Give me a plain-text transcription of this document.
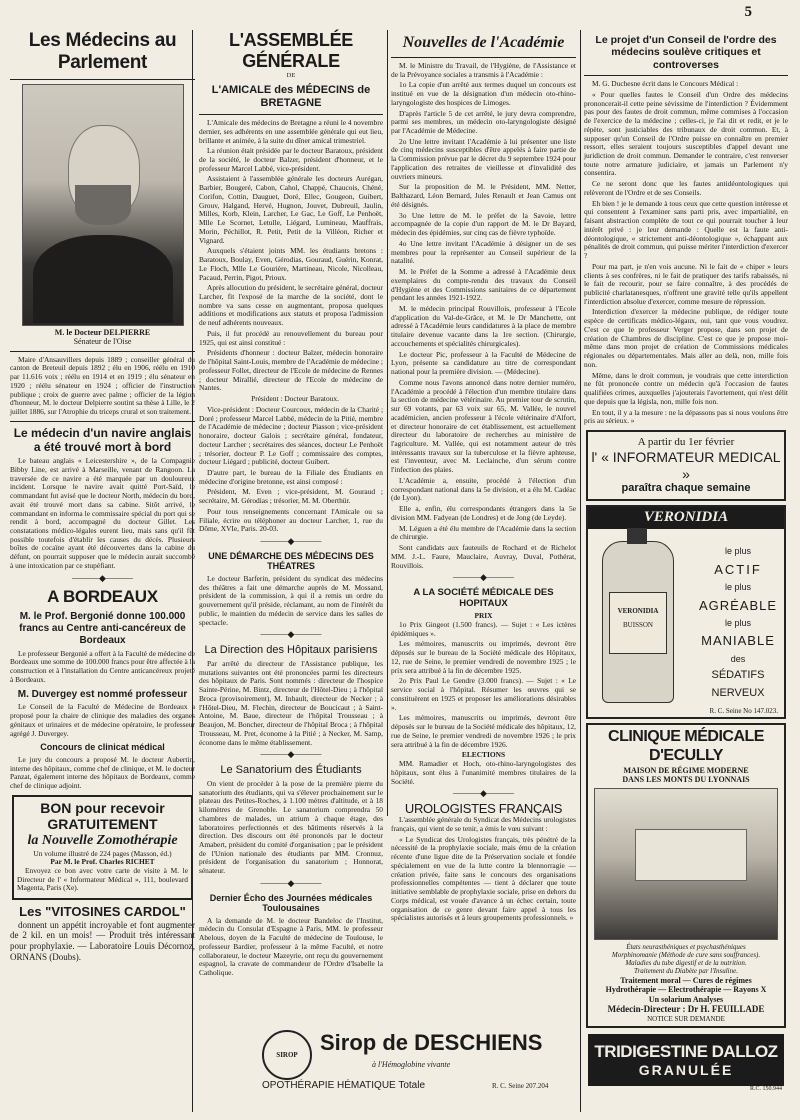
5
Les Médecins au Parlement
M. le Docteur DELPIERRE
Sénateur de l'Oise

Maire d'Ansauvillers depuis 1889 ; conseiller général du canton de Breteuil depuis 1892 ; élu en 1906, réélu en 1910 par 11.616 voix ; réélu en 1914 et en 1919 ; élu sénateur en 1920 ; réélu sénateur en 1924 ; officier de l'instruction publique ; croix de guerre avec palme ; officier de la légion d'honneur, M. le docteur Delpierre soutint sa thèse à Lille, le 2 juillet 1886, sur l'Atrophie du triceps crural et son traitement.

Le médecin d'un navire anglais a été trouvé mort à bord

Le bateau anglais « Leicestershire », de la Compagnie Bibby Line, est arrivé à Marseille, venant de Rangoon. La traversée de ce navire a été marquée par un douloureux incident. Lorsque le navire avait quitté Port-Saïd, le commandant fut avisé que le docteur North, médecin du bord, avait été trouvé mort dans sa cabine. Sitôt arrivé, le commandant en informa le commissaire spécial du port qui se rendit à bord, accompagné du docteur Gillet. Les constatations médico-légales eurent lieu, mais sans qu'il fût possible toutefois d'établir les causes du décès. Plusieurs boîtes de cocaïne ayant été découvertes dans la cabine du défunt, on pourrait supposer que le médecin aurait succombé à une intoxication par ce stupéfiant.

———◆———
A BORDEAUX
M. le Prof. Bergonié donne 100.000 francs au Centre anti-cancéreux de Bordeaux

Le professeur Bergonié a offert à la Faculté de médecine de Bordeaux une somme de 100.000 francs pour être affectée à la construction et à l'installation du Centre anticancéreux projeté à Bordeaux.

M. Duvergey est nommé professeur

Le Conseil de la Faculté de Médecine de Bordeaux a proposé pour la chaire de clinique des maladies des organes génitaux et urinaires et de médecine opératoire, le professeur agrégé J. Duvergey.

Concours de clinicat médical

Le jury du concours a proposé M. le docteur Aubertin, interne des hôpitaux, comme chef de clinique, et M. le docteur Panzat, également interne des hôpitaux de Bordeaux, comme chef de clinique adjoint.

BON pour recevoir GRATUITEMENT
la Nouvelle Zomothérapie
Un volume illustré de 224 pages (Masson, éd.)
Par M. le Prof. Charles RICHET

Envoyez ce bon avec votre carte de visite à M. le Directeur de l' « Informateur Médical », 111, boulevard Magenta, Paris (Xe).

Les "VITOSINES CARDOL"

donnent un appétit incroyable et font augmenter de 2 kil. en un mois! — Produit très intéressant pour prophylaxie. — Laboratoire Louis Décornoz, ORNANS (Doubs).

L'ASSEMBLÉE GÉNÉRALE
DE
L'AMICALE des MÉDECINS de BRETAGNE

L'Amicale des médecins de Bretagne a réuni le 4 novembre dernier, ses adhérents en une assemblée générale qui eut lieu, brillante et animée, à la suite du dîner amical trimestriel.

La réunion était présidée par le docteur Baratoux, président de la société, le docteur Balzer, président d'honneur, et le professeur Marcel Labbé, vice-président.

Assistaient à l'assemblée générale les docteurs Aurégan, Barbier, Bougeré, Cabon, Cahol, Chappé, Chaucois, Chéné, Corifon, Cottin, Dauguet, Doré, Ellec, Gougeon, Guibert, Grouv, Halgand, Hervé, Hugnon, Jouvet, Dubreuil, Jaulin, Milles, Korb, Klein, Larcher, Le Gac, Le Goff, Le Penhoët, Mlle Le Scornet, Letulle, Liégard, Lumineau, Mauffrais, Morin, Péchillot, R. Petit, Petit de la Villéon, Richer et Vignard.

Auxquels s'étaient joints MM. les étudiants bretons : Baratoux, Boulay, Even, Gérodias, Gouraud, Guérin, Konrat, Le Floch, Mlle Le Gourière, Martineau, Nicole, Nicolleau, Pacaud, Perrin, Pigot, Prioux.

Après allocution du président, le secrétaire général, docteur Larcher, fit l'exposé de la marche de la société, dont le nombre va sans cesse en augmentant, proposa quelques additions et modifications aux statuts et proposa l'admission de neuf adhérents nouveaux.

Puis, il fut procédé au renouvellement du bureau pour 1925, qui est ainsi constitué :

Présidents d'honneur : docteur Balzer, médecin honoraire de l'hôpital Saint-Louis, membre de l'Académie de médecine ; professeur Follet, directeur de l'Ecole de médecine de Rennes ; docteur Mirallié, directeur de l'Ecole de médecine de Nantes.

Président : Docteur Baratoux.

Vice-président : Docteur Courcoux, médecin de la Charité ; Doré ; professeur Marcel Labbé, médecin de la Pitié, membre de l'Académie de médecine ; docteur Piasson ; vice-président honoraire, docteur Galois ; secrétaire général, fondateur, docteur Larcher ; secrétaires des séances, docteur Le Penhoët ; trésorier, docteur P. Le Goff ; commissaire des comptes, docteur Liégard ; publicité, docteur Guibert.

D'autre part, le bureau de la Filiale des Étudiants en médecine d'origine bretonne, est ainsi composé :

Président, M. Even ; vice-président, M. Gouraud ; secrétaire, M. Gérodias ; trésorier, M. M. Oberthür.

Pour tous renseignements concernant l'Amicale ou sa Filiale, écrire ou téléphoner au docteur Larcher, 1, rue du Dôme, XVIe, Paris. 20-03.

———◆———
UNE DÉMARCHE DES MÉDECINS DES THÉATRES

Le docteur Barferin, président du syndicat des médecins des théâtres a fait une démarche auprès de M. Mossand, président de la commission, à qui il a remis un ordre du gouvernement qu'il préside, réclamant, au nom de l'intérêt du public, le maintien du médecin de service dans les salles de spectacle.

———◆———
La Direction des Hôpitaux parisiens

Par arrêté du directeur de l'Assistance publique, les mutations suivantes ont été prononcées parmi les directeurs des hôpitaux de Paris. Sont nommés : directeur de l'hospice Sainte-Périne, M. Bintz, directeur de l'Hôtel-Dieu ; à l'hôpital Broca (provisoirement), M. Inbault, directeur de Necker ; à l'Hôtel-Dieu, M. Flechin, directeur de Boucicaut ; à Saint-Antoine, M. Baue, directeur de l'hôpital Trousseau ; à Beaujon, M. Boncher, directeur de l'hôpital Broca ; à l'hôpital Trousseau, M. Pret, économe à la Pitié ; à Necker, M. Samp, économe dans le même établissement.

———◆———
Le Sanatorium des Étudiants

On vient de procéder à la pose de la première pierre du sanatorium des étudiants, qui va s'élever prochainement sur le plateau des Petites-Roches, à 1.100 mètres d'altitude, et à 18 kilomètres de Grenoble. Le sanatorium comprendra 50 chambres de malades, un atrium à chaque étage, des laboratoires perfectionnés et des bâtiments réservés à la direction. Des discours ont été prononcés par le docteur Amabert, président du comité d'organisation ; par le président de l'Union nationale des étudiants par MM. Cronnuz, président de l'organisation du sanatorium ; Honnorat, sénateur.

———◆———
Dernier Écho des Journées médicales Toulousaines

A la demande de M. le docteur Bandeloc de l'Institut, médecin du Consulat d'Espagne à Paris, MM. le professeur Abelous, doyen de la Faculté de médecine de Toulouse, le professeur Bardier, professeur à la même Faculté, et notre collaborateur, le docteur Mazeyrie, ont reçu du gouvernement espagnol, la cravate de commandeur de l'Ordre d'Isabelle la Catholique.

Nouvelles de l'Académie

M. le Ministre du Travail, de l'Hygiène, de l'Assistance et de la Prévoyance sociales a transmis à l'Académie :

1o La copie d'un arrêté aux termes duquel un concours est institué en vue de la désignation d'un médecin oto-rhino-laryngologiste des hospices de Limoges.

D'après l'article 5 de cet arrêté, le jury devra comprendre, parmi ses membres, un médecin oto-laryngologiste désigné par l'Académie de Médecine.

2o Une lettre invitant l'Académie à lui présenter une liste de cinq médecins susceptibles d'être appelés à faire partie de la Commission prévue par le décret du 9 septembre 1924 pour l'application des retraites de vieillesse et d'invalidité des ouvriers mineurs.

Sur la proposition de M. le Président, MM. Netter, Balthazard, Léon Bernard, Jules Renault et Jean Camus ont été désignés.

3o Une lettre de M. le préfet de la Savoie, lettre accompagnée de la copie d'un rapport de M. le Dr Bayard, médecin des épidémies, sur cinq cas de fièvre typhoïde.

4o Une lettre invitant l'Académie à désigner un de ses membres pour la représenter au Conseil supérieur de la natalité.

M. le Préfet de la Somme a adressé à l'Académie deux exemplaires du compte-rendu des travaux du Conseil d'Hygiène et des Commissions sanitaires de ce département pendant les années 1921-1922.

M. le médecin principal Rouvillois, professeur à l'Ecole d'application du Val-de-Grâce, et M. le Dr Manchette, ont adressé à l'Académie leurs candidatures à la place de membre titulaire devenue vacante dans la 1re section. (Chirurgie, accouchements et spécialités chirurgicales).

Le docteur Pic, professeur à la Faculté de Médecine de Lyon, présente sa candidature au titre de correspondant national pour la première division. — (Médecine).

Comme nous l'avons annoncé dans notre dernier numéro, l'Académie a procédé à l'élection d'un membre titulaire dans la section de médecine vétérinaire. Au premier tour de scrutin, sur 69 votants, par 63 voix sur 65, M. Vallée, le nouvel académicien, ancien professeur à l'école vétérinaire d'Alfort, et directeur honoraire de cet établissement, est actuellement directeur du laboratoire de recherches au ministère de l'agriculture. M. Vallée, qui est notamment auteur de très intéressants travaux sur la tuberculose et la fièvre aphteuse, est l'inventeur, avec M. Leclainche, d'un sérum contre l'infection des plaies.

L'Académie a, ensuite, procédé à l'élection d'un correspondant national dans la 5e division, et a élu M. Cadéac (de Lyon).

Elle a, enfin, élu correspondants étrangers dans la 5e division MM. Fadyean (de Londres) et de Jong (de Leyde).

M. Léguen a été élu membre de l'Académie dans la section de chirurgie.

Sont candidats aux fauteuils de Rochard et de Richelot MM. J.-L. Faure, Mauclaire, Auvray, Duval, Pothérat, Rouvillois.

———◆———
A LA SOCIÉTÉ MÉDICALE DES HOPITAUX
PRIX

1o Prix Gingeot (1.500 francs). — Sujet : « Les ictères épidémiques ».

Les mémoires, manuscrits ou imprimés, devront être déposés sur le bureau de la Société médicale des Hôpitaux, 12, rue de Seine, le premier vendredi de novembre 1925 ; le prix sera attribué à la fin de décembre 1925.

2o Prix Paul Le Gendre (3.000 francs). — Sujet : « Le service social à l'hôpital. Résumer les œuvres qui se constituèrent en 1925 et proposer les améliorations désirables ».

Les mémoires, manuscrits ou imprimés, devront être déposés sur le bureau de la Société médicale des hôpitaux, 12, rue de Seine, le premier vendredi de novembre 1926 ; le prix sera attribué à la fin de décembre 1926.

ELECTIONS

MM. Ramadier et Hoch, oto-rhino-laryngologistes des hôpitaux, sont élus à l'unanimité membres titulaires de la Société.

———◆———
UROLOGISTES FRANÇAIS

L'assemblée générale du Syndicat des Médecins urologistes français, qui vient de se tenir, a émis le vœu suivant :

« Le Syndicat des Urologistes français, très pénétré de la nécessité de la prophylaxie sociale, mais ému de la création récente d'une ligue dite de la Préservation sociale et fondée spécialement en vue de la lutte contre la blennorragie — création privée, faite sans le concours des organisations professionnelles compétentes — tient à déclarer que toute initiative semblable de prophylaxie sociale, prise en dehors du Corps médical, est vouée d'avance à un échec certain, toute organisation de ce genre devant faire appel à tous les spécialistes autorisés et à leurs groupements professionnels. »

SIROP	Sirop de DESCHIENS
à l'Hémoglobine vivante
OPOTHÉRAPIE HÉMATIQUE Totale	R. C. Seine 207.204
Le projet d'un Conseil de l'ordre des médecins soulève critiques et controverses

M. G. Duchesne écrit dans le Concours Médical :

« Pour quelles fautes le Conseil d'un Ordre des médecins prononcerait-il cette peine sévissime de l'interdiction ? Évidemment pas pour des fautes de droit commun, même commises à l'occasion de l'exercice de la médecine ; celles-ci, je l'ai dit et redit, et je le répète, sont justiciables des tribunaux de droit commun. Et, à supposer qu'un Conseil de l'Ordre puisse en connaître en premier ressort, elles seraient toujours susceptibles d'appel devant une juridiction de droit commun. Demander le contraire, c'est renverser toute notre armature judiciaire, et jamais un Parlement n'y consentira.

Ce ne seront donc que les fautes antidéontologiques qui relèveront de l'Ordre et de ses Conseils.

Eh bien ! je le demande à tous ceux que cette question intéresse et qui consentent à l'examiner sans parti pris, avec impartialité, en faisant abstraction complète de tout ce qui pourrait toucher à leur intérêt privé : je leur demande : Quelle est la faute anti-déontologique, « strictement anti-déontologique », échappant aux pénalités de droit commun, qui puisse mériter l'interdiction d'exercer ?

Pour ma part, je n'en vois aucune. Ni le fait de « chiper » leurs clients à ses confrères, ni le fait de pratiquer des tarifs rabaissés, ni le fait de recourir, pour se faire connaître, à des procédés de publicité charlatanesques, n'offrent une gravité telle qu'ils appellent l'interdiction absolue d'exercer, comme mesure de répression.

Interdiction d'exercer la médecine publique, de rédiger toute espèce de certificats médico-légaux, oui, tant que vous voudrez. C'est ce que le professeur Verger propose, dans son projet de création de Chambres de discipline. C'est ce que je propose moi-même dans mon projet de création de Commissions médicales régionales ou départementales. Mais aller au delà, non, mille fois non.

Même, dans le droit commun, je voudrais que cette interdiction ne fût prononcée contre un médecin qu'à l'occasion de fautes qualifiées crimes, auxquelles j'ajouterais l'avortement, qui n'est délit que depuis que la législa, non, mille fois non.

En tout, il y a la mesure : ne la dépassons pas si nous voulons être pris au sérieux. »

A partir du 1er février
l' « INFORMATEUR MEDICAL »
paraîtra chaque semaine
VERONIDIA
VERONIDIA
BUISSON
le plus
ACTIF
le plus
AGRÉABLE
le plus
MANIABLE
des
SÉDATIFS
NERVEUX
R. C. Seine No 147.023.
CLINIQUE MÉDICALE D'ECULLY
MAISON DE RÉGIME MODERNE
DANS LES MONTS DU LYONNAIS
États neurasthéniques et psychasthéniques
Morphinomanie (Méthode de cure sans souffrances).
Maladies du tube digestif et de la nutrition.
Traitement du Diabète par l'Insuline.
Traitement moral — Cures de régimes
Hydrothérapie — Electrothérapie — Rayons X
Un solarium Analyses
Médecin-Directeur : Dr H. FEUILLADE
NOTICE SUR DEMANDE
TRIDIGESTINE DALLOZ
GRANULÉE
R.C. 150.944
